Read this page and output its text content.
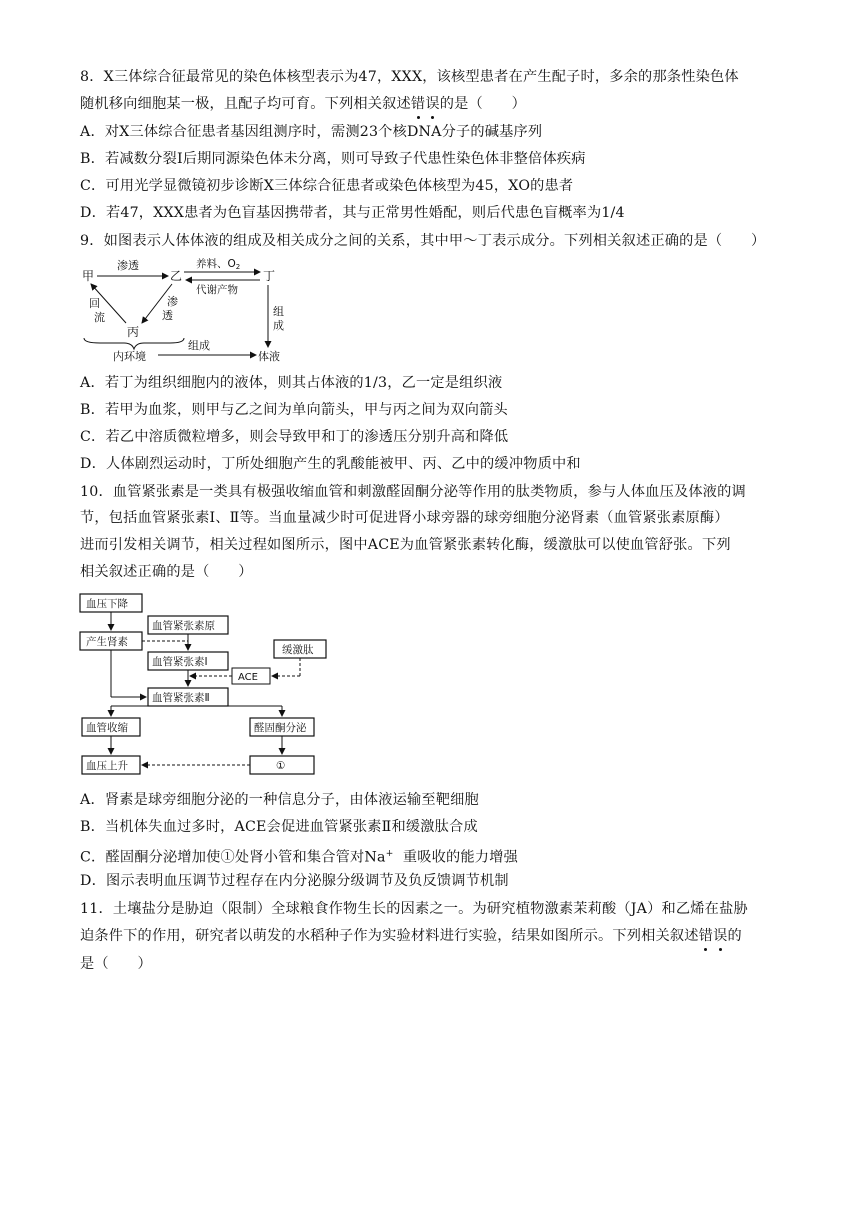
8．X三体综合征最常见的染色体核型表示为47，XXX，该核型患者在产生配子时，多余的那条性染色体
随机移向细胞某一极，且配子均可育。下列相关叙述错误的是（　　）
A．对X三体综合征患者基因组测序时，需测23个核DNA分子的碱基序列
B．若减数分裂Ⅰ后期同源染色体未分离，则可导致子代患性染色体非整倍体疾病
C．可用光学显微镜初步诊断X三体综合征患者或染色体核型为45，XO的患者
D．若47，XXX患者为色盲基因携带者，其与正常男性婚配，则后代患色盲概率为1/4
9．如图表示人体体液的组成及相关成分之间的关系，其中甲～丁表示成分。下列相关叙述正确的是（　　）
甲	乙
丙
丁
渗透
回
流
渗
透
养料、O2
代谢产物
组
成
内环境
组成
体液
A．若丁为组织细胞内的液体，则其占体液的1/3，乙一定是组织液
B．若甲为血浆，则甲与乙之间为单向箭头，甲与丙之间为双向箭头
C．若乙中溶质微粒增多，则会导致甲和丁的渗透压分别升高和降低
D．人体剧烈运动时，丁所处细胞产生的乳酸能被甲、丙、乙中的缓冲物质中和
10．血管紧张素是一类具有极强收缩血管和刺激醛固酮分泌等作用的肽类物质，参与人体血压及体液的调
节，包括血管紧张素Ⅰ、Ⅱ等。当血量减少时可促进肾小球旁器的球旁细胞分泌肾素（血管紧张素原酶）
进而引发相关调节，相关过程如图所示，图中ACE为血管紧张素转化酶，缓激肽可以使血管舒张。下列
相关叙述正确的是（　　）
血压下降
产生肾素
血管紧张素原
血管紧张素Ⅰ
缓激肽
ACE
血管紧张素Ⅱ
血管收缩	醛固酮分泌
血压上升	①
A．肾素是球旁细胞分泌的一种信息分子，由体液运输至靶细胞
B．当机体失血过多时，ACE会促进血管紧张素Ⅱ和缓激肽合成
C．醛固酮分泌增加使①处肾小管和集合管对Na+  重吸收的能力增强
D．图示表明血压调节过程存在内分泌腺分级调节及负反馈调节机制
11．土壤盐分是胁迫（限制）全球粮食作物生长的因素之一。为研究植物激素茉莉酸（JA）和乙烯在盐胁
迫条件下的作用，研究者以萌发的水稻种子作为实验材料进行实验，结果如图所示。下列相关叙述错误的
是（　　）
